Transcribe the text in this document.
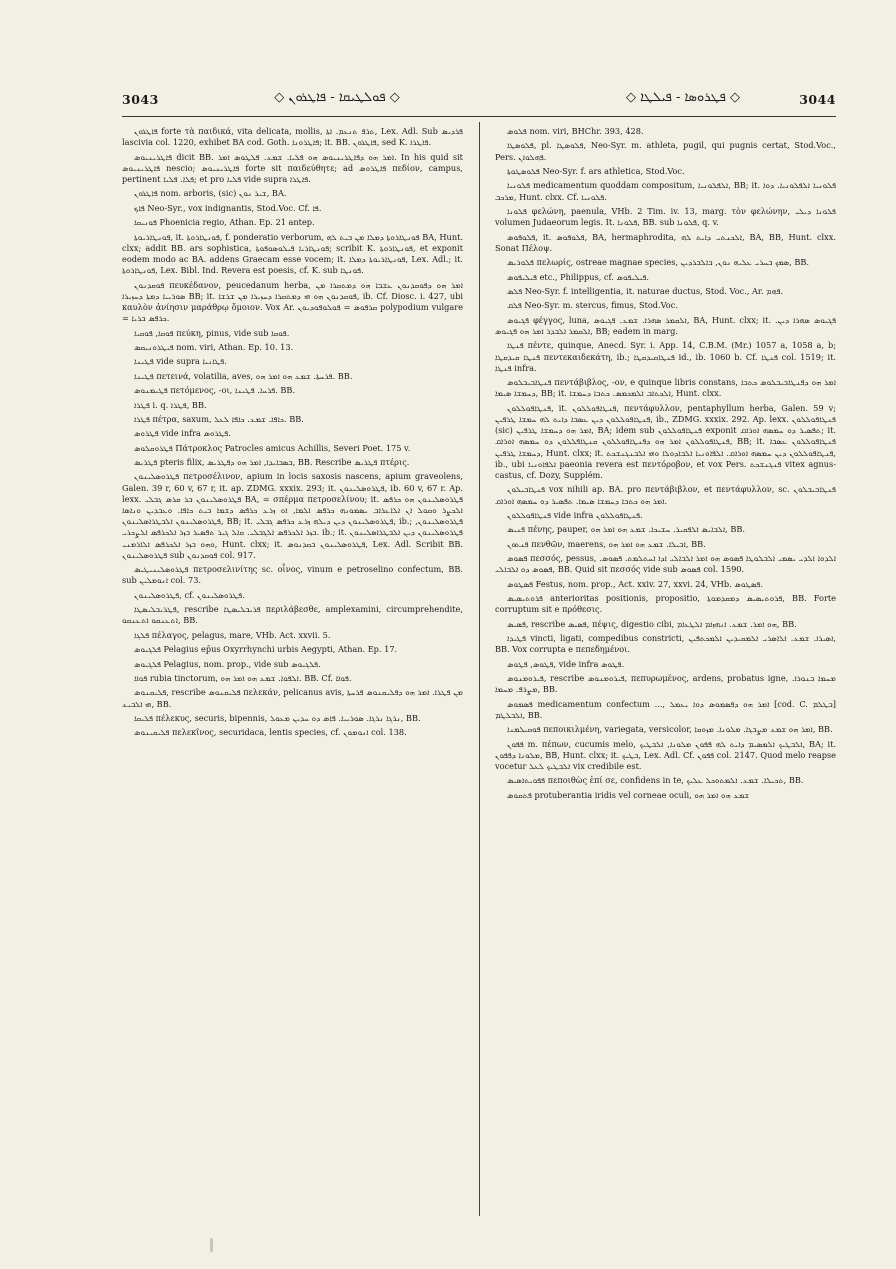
3043	◇ ܦܘܠܛܝܩܐ - ܦܐܛܪܘܢ ◇	◇ ܦܛܪܘܣܐ - ܦܝܠܛܐ ◇	3044

ܦܐܛܪܘܢ forte τὰ παιδικά, vita delicata, mollis, ܬܪܦ ܬܢܥܡ. ܐܬܐ, Lex. Adl. Sub ܦܪܕܝܣ lascivia col. 1220, exhibet BA cod. Goth. ܦܐܛܪܘܢܐ; it. BB. ܦܐܛܪܘܢ, sed K. ܦܐܛܪܐ.

ܦܐܛܪܝܢܝܘܣ dicit BB. ܐܡܪ ܗܘ ܕܦܐܛܪܝܢܝܘܣ ܗܘ ܦܠܝܐ. ܫܡܥ. ܦܠܛܘܣ ܐܡܪ. In his quid sit ܦܐܛܪܝܢܝܘܣ nescio; ܦܐܛܪܝܢܝܘܣ forte sit παιδεύθητε; ad ܦܐܛܪܘܣ πεδίον, campus, pertinent ܦܠܐ. ܦܠܝܐ; et pro ܦܠܝܐ vide supra ܦܐܛܪܐ.

ܦܐܛܪܘܢ nom. arboris, (sic) ܫܝܪ ܢܘܢ, BA.

ܦܐܟ Neo-Syr., vox indignantis, Stod.Voc. Cf. ܦܐ.

ܦܘܢܝܩܐ Phoenicia regio, Athan. Ep. 21 antep.

ܦܘܢܛܐܪܝܘܬܐ, it. ܦܘܢܛܐܪܘܬܐ, f. ponderatio verborum, ܦܘܢܛܐܪܘܬܐ ܕܡܠܐ ܡܢ ܒܝܬ ܠܗ BA, Hunt. clxx; addit BB. ars sophistica, ܦܘܢܛܐܪܝܐ ܦܝܠܘܣܘܦܘܬܐ; scribit K. ܦܘܢܛܐܪܘܬܐ, et exponit eodem modo ac BA. addens Graecam esse vocem; it. ܦܘܢܛܐܪܝܘܬܐ ܕܡܠܐ, Lex. Adl.; it. ܦܘܢܛܐܪܘܬܐ, Lex. Bibl. Ind. Revera est poesis, cf. K. sub ܦܘܢܛܐ.

ܦܘܩܕܢܘܢ πευκέδανον, peucedanum herba, ܐܡܪ ܗܘ ܕܦܘܩܕܢܘܢ ܥܫܒܐ ܗܘ ܕܡܬܩܪܐ ܡܢ ܣܘܪܝܝܐ ܕܡܬܐ ܕܚܙܝܪܐ BB; it. ܦܘܩܕܢܘܢ ܗܘ ܗܝ ܕܡܬܩܪܐ ܕܚܙܝܪܐ ܡܢ ܫܪܫܐ, ib. Cf. Diosc. i. 427, ubi καυλὸν ἀνίησιν μαράθρῳ ὅμοιον. Vox Ar. ܩܪܦܘܣ = ܦܘܠܘܦܘܕܝܘܢ polypodium vulgare = ܟܪܦܣ ܒܪܝܐ.

ܦܘܩܐ, ܦܘܩܝܐ πεύκη, pinus, vide sub ܦܘܩܐ.

ܦܝܛܪܘܢܝܩܣ nom. viri, Athan. Ep. 10. 13.

ܦܛܝܢܐ vide supra ܦܛܐܢܝܐ.

ܦܛܝܢܐ πετεινά, volatilia, aves, ܦܪܚܬܐ. ܫܡܥ ܗܘ ܐܡܪ ܗܘ. BB.

ܦܛܝܡܢܘܣ πετόμενος, -οι, ܦܪܚܐ. ܦܛܝܢܐ. BB.

ܦܛܪܐ i. q. ܦܛܪܐ, BB.

ܦܛܪܐ πέτρα, saxum, ܟܐܦܐ. ܫܡܥ. ܟܐܦܐ ܠܥܠ. BB.

ܦܛܪܘܣ vide infra ܦܛܪܘܣ.

ܦܛܪܘܩܠܘܣ Πάτροκλος Patrocles amicus Achillis, Severi Poet. 175 v.

ܦܛܪܝܣ pteris filix, ܒܣܒܐܝܕܐ, ܐܡܪ ܗܘ ܕܦܛܪܝܣ, BB. Rescribe ܦܛܪܝܣ πτέρις.

ܦܛܪܘܣܠܝܢܘܢ πετροσέλινον, apium in locis saxosis nascens, apium graveolens, Galen. 39 r, 60 v, 67 r, it. ap. ZDMG. xxxix. 293; it. ܦܛܪܘܣܠܝܢܘܢ, ib. 60 v, 67 r. Ap. lexx. ܦܛܪܘܣܠܝܢܘܢ ܒܪ ܩܪܣ ܓܒܠܝ BA, = σπέρμα πετροσελίνου; it. ܦܛܪܘܣܠܝܢܘܢ ܗܘ ܟܪܦܣ ܐܠܟܨܪ ܘܩܘܠ ܐܢ ܐܠܐܥܪܐܒ ܝܣܡܘܢܗ ܟܪܦܣ ܐܠܡܐ, ܐܘ ܙܪܥ ܟܪܦܣ ܕܫܡܐ ܒܝܬ ܟܐܦܐ. ܘܥܒܕܝܢ ܘܢܐܣܐ ܦܛܪܘܣܠܝܢܘܢ ܐܠܒܛܪܐܣܠܝܢܘܢ, BB; it. ܦܛܪܘܣܠܝܢܘܢ ܕܝܢ ܕܝܠܗ ܙܪܥ ܟܪܦܣ ܓܒܠܝ, ib.; ܦܛܪܘܣܠܝܢܘܢ, ܒܙܪ ܐܠܟܪܦܣ ܐܠܓܒܠܝ. ܩܐܠ ܓܝܪ ܬܦܣܝܪ ܒܙܪ ܐܠܟܪܦܣ ܐܠܨܟܪܝ. ib.; it. ܦܛܪܘܣܠܝܢܘܢ ܕܝܢ ܐܠܒܛܪܐܣܠܝܢܘܢ ܘܗܘ ܒܙܪ ܐܠܟܪܦܣ ܐܠܐܪܡܢܝ, Hunt. clxx; it. ܦܛܪܘܣܠܝܢܘܢ ܒܩܕܢܘܣ, Lex. Adl. Scribit BB. ܦܛܪܘܣܠܝܢܘܢ sub ܦܘܩܕܢܘܢ col. 917.

ܦܛܪܘܣܠܝܢܝܛܝܣ πετροσελινίτης sc. οἶνος, vinum e petroselino confectum, BB. sub ܐܢܘܡܠܝܢ col. 73.

ܦܛܪܘܣܠܝܢܘܢ, cf. ܦܛܪܘܣܠܝܢܘܢ.

ܦܛܪܝܒܠܝܣܛܐ, rescribe ܦܪܝܒܠܝܣܛܐ περιλάβεσθε, amplexamini, circumprehendite, ܐܬܥܢܩܘ ܐܬܥܢܩܘ, BB.

ܦܠܓܐ πέλαγος, pelagus, mare, VHb. Act. xxvii. 5.

ܦܠܓܝܘܣ Pelagius ep̄us Oxyrrhynchi urbis Aegypti, Athan. Ep. 17.

ܦܠܓܝܘܣ Pelagius, nom. prop., vide sub ܦܠܓܝܘܣ.

ܦܘܐܐ rubia tinctorum, ܐܠܦܘܐ. ܫܡܥ ܗܘ ܐܡܪ ܗܘ. BB. Cf. ܦܘܐܐ.

ܦܠܝܩܢܘܣ, rescribe ܦܠܝܩܢܘܣ πελεκάν, pelicanus avis, ܡܢ ܦܛܪܐ. ܐܡܪ ܗܘ ܕܦܠܝܩܢܘܣ ܦܪܚܬܐ ܗܝ ܐܠܒܝܥ, BB.

ܦܠܝܩܐ πέλεκυς, securis, bipennis, ܢܪܓܐ ܢܪܓܐ. ܣܘܪܝܝܐ. ܦܐܣ ܕܘ ܚܕܝܢ ܡܥܘܠ, BB.

ܦܠܝܩܝܢܘܣ πελεκῖνος, securidaca, lentis species, cf. ܐܢܘܡܘܢ col. 138.

ܦܠܘܣ nom. viri, BHChr. 393, 428.

ܦܠܘܣܛܐ, pl. ܦܠܘܣܛܐ, Neo-Syr. m. athleta, pugil, qui pugnis certat, Stod.Voc., Pers. ܦܗܠܘܐܢ.

ܦܠܘܣܛܘܬܐ Neo-Syr. f. ars athletica, Stod.Voc.

ܦܠܘܢܝܐ medicamentum quoddam compositum, ܐܠܦܠܘܢܝܐ, BB; it. ܦܠܘܢܝܐ ܐܠܦܠܘܢܝܐ. ܕܘܐ ܡܪܟܒ, Hunt. clxx. Cf. ܦܠܘܢܝܐ.

ܦܠܘܢܐ φελώνη, paenula, VHb. 2 Tim. iv. 13, marg. τὸν φελώνην, ܦܠܘܢܐ ܕܝܠܝ volumen Judaeorum legis. It. ܦܠܘܢܐ, BB. sub ܦܠܘܢܐ, q. v.

ܦܠܘܦܘܣ, it. ܦܠܘܦܘܣ, BA, hermaphrodita, ܐܠܟܢܬܝ ܕܐܝܬ ܠܗ, BA, BB, Hunt. clxx. Sonat Πέλοψ.

ܦܠܘܪܝܣ πελωρίς, ostreae magnae species, ܣܡܟ ܒܚܪܝ ܥܠܝܗ ܢܘܢ, ܒܐܠܒܪܕܝܢ, BB.

ܦܝܠܝܦܘܣ etc., Philippus, cf. ܦܝܠܝܦܘܣ.

ܦܠܣ Neo-Syr. f. intelligentia, it. naturae ductus, Stod. Voc., Ar. ܦܗܡ.

ܦܠܩ Neo-Syr. m. stercus, fimus, Stod.Voc.

ܦܓܝܘܣ φέγγος, luna, ܐܠܩܡܪ ܣܗܪܐ. ܫܡܥ. ܦܓܝܘܣ, BA, Hunt. clxx; it. ܦܓܝܘܣ ܣܗܪܐ ܕܝܢ. ܐܠܩܡܪ ܐܠܒܕܪ ܐܡܪ ܗܘ ܦܓܝܘܣ, BB; eadem in marg.

ܦܢܛܐ πέντε, quinque, Anecd. Syr. i. App. 14, C.B.M. (Mr.) 1057 a, 1058 a, b; ܦܢܛܐ ܩܝܕܩܛܐ πεντεκαιδεκάτη, ib.; ܦܢܛܐܩܝܕܩܛܐ id., ib. 1060 b. Cf. ܦܢܛܐ col. 1519; it. ܦܢܛܐ infra.

ܦܢܛܐܒܝܒܠܘܣ πεντάβιβλος, -ον, e quinque libris constans, ܐܡܪ ܗܘ ܕܦܢܛܐܒܝܒܠܘܣ ܟܬܒܐ ܕܚܡܫܐ ܣܝܡܐ, BB; it. ܐܠܟܬܐܒ ܐܠܡܟܡܣ. ܟܬܒܐ ܕܚܡܫܐ, Hunt. clxx.

ܦܢܛܐܦܘܠܠܘܢ, it. ܦܢܛܐܦܘܠܠܘܢ, πεντάφυλλον, pentaphyllum herba, Galen. 59 v; ܦܢܛܐܦܘܠܠܘܢ ܕܝܢ ܥܣܒܐ ܕܐܝܬ ܠܗ ܚܡܫܐ ܛܪܦܝܢ, ib., ZDMG. xxxix. 292. Ap. lexx. ܦܢܛܐܦܘܠܠܘܢ (sic) ܐܡܪ ܗܘ ܕܚܡܫܐ ܛܪܦܝܢ, BA; idem sub ܦܢܛܐܦܘܠܠܘܢ exponit ܬܦܣܝܪ ܕܘ ܚܡܣܗ ܐܘܪܐܩ; it. ܦܢܛܐܦܘܠܠܘܢ ܐܡܪ ܗܘ ܕܦܢܛܐܦܘܠܠܘܢ ܩܢܛܐܦܠܠܘܢ ܕܘ ܚܡܣܗ ܐܘܪܐܩ, BB; it. ܦܢܛܐܦܘܠܠܘܢ ܥܣܒܐ ܕܚܡܫܐ ܛܪܦܝܢ, Hunt. clxx; it. ܦܢܛܐܦܘܠܠܘܢ ܕܝܢ ܚܡܣܗ ܐܘܪܐܩ. ܐܠܦܐܘܢܝܐ ܐܠܒܐܕܘܠܐ ܘܗܝ ܐܠܒܢܓܢܫܟܬ, ib., ubi ܐܠܦܐܘܢܝܐ paeonia revera est πεντόροβον, et vox Pers. ܦܢܓܢܫܟܬ vitex agnus-castus, cf. Dozy, Supplém.

ܦܢܛܐܒܝܠܘܢ vox nihili ap. BA. pro πεντάβιβλον, et πεντάφυλλον, sc. ܦܢܛܐܒܝܒܠܘܢ ܐܡܪ ܗܘ ܟܬܒܐ ܕܚܡܫܐ ܣܝܡܐ. ܬܦܣܝܪ ܕܘ ܚܡܣܗ ܐܘܪܐܩ.

ܦܢܛܐܦܘܠܠܘܢ vide infra ܦܢܛܐܦܘܠܠܘܢ.

ܦܢܝܣ πένης, pauper, ܐܠܒܐܝܣ ܐܠܦܩܝܪ. ܚܫܝܟܐ. ܫܡܥ ܗܘ ܐܡܪ ܗܘ, BB.

ܦܢܬܘܢ πενθῶν, maerens, ܐܒܝܠܐ. ܫܡܥ ܗܘ ܐܡܪ ܗܘ, BB.

ܦܣܘܣ πεσσός, pessus, ܐܠܕܘܐ ܐܠܕܝ ܝܣܡܝ ܐܠܒܠܘܛܐ ܦܣܘܣ ܗܘ ܐܡܪ ܐܠܒܐܠܝ ܐܕܐ ܐܚܬܠܡܬ. ܦܣܘܣ. ܦܣܘܣ ܕܘ ܐܠܒܐܠܝ, BB. Quid sit πεσσός vide sub ܦܣܘܣ col. 1590.

ܦܣܛܘܣ Festus, nom. prop., Act. xxiv. 27, xxvi. 24, VHb. ܦܣܛܘܣ.

ܦܪܘܬܝܣܝܣ anterioritas positionis, propositio, ܦܪܘܬܝܣܝܣ ܕܡܩܕܡܘܬܐ, BB. Forte corruptum sit e πρόθεσις.

ܦܣܝܣ, rescribe ܦܣܝܣ, πέψις, digestio cibi, ܗܘ ܐܡܪ. ܫܡܥ. ܐܢܗܙܐܡ ܐܠܛܥܐܡ, BB.

ܦܛܝܕܐ vincti, ligati, compedibus constricti, ܐܣܝܪܐ. ܫܡܥ. ܐܠܐܣܪܝ ܐܠܡܩܝܕܝܢ ܐܠܡܟܬܦܝܢ, BB. Vox corrupta e πεπεδημένοι.

ܦܛܘܣ, ܦܛܘܣ, vide infra ܦܛܘܣ.

ܦܝܪܘܡܢܘܣ, rescribe ܦܝܪܘܡܢܘܣ, πεπυρωμένος, ardens, probatus igne, ܡܚܡܐ ܒܢܘܪܐ. ܡܨܪܦ. ܡܚܡܐ, BB.

ܦܣܡܘܣ medicamentum confectum ..., ܐܡܪ ܗܘ ܕܦܣܡܘܣ ܕܘܐ ܝܥܡܠ [cod. C. ܒܛܠܡ] ܐܠܒܠܛܡ, BB.

ܦܘܩܝܠܡܢܐ πεποικιλμένη, variegata, versicolor, ܐܡܪ ܗܘ ܫܡܥ ܡܨܒܓܐ. ܡܠܘܢܐ. ܡܙܘܩܐ, BB.

ܦܦܘܢ m. πέπων, cucumis melo, ܐܠܒܛܝܟ ܐܠܡܣܝܡ ܕܐܝܬ ܠܗ ܦܦܘܢ ܡܠܘܢܐ, ܐܠܒܛܝܟ, BA; it. ܡܠܘܢܐ ܕܦܦܘܢ, BB, Hunt. clxx; it. ܒܛܝܟ, Lex. Adl. Cf. ܦܦܘܢ col. 2147. Quod melo reapse vocetur ܐܠܒܛܝܟ ܠܥܠ vix credibile est.

ܦܦܘܝܬܐܣܝܣ πεποιθὼς ἐπί σε, confidens in te, ܬܟܝܠܐ. ܫܡܥ. ܐܠܡܬܘܟܠ ܥܠܝܟ, BB.

ܦܬܩܘܣ protuberantia iridis vel corneae oculi, ܫܡܥ ܗܘ ܐܡܪ ܗܘ
